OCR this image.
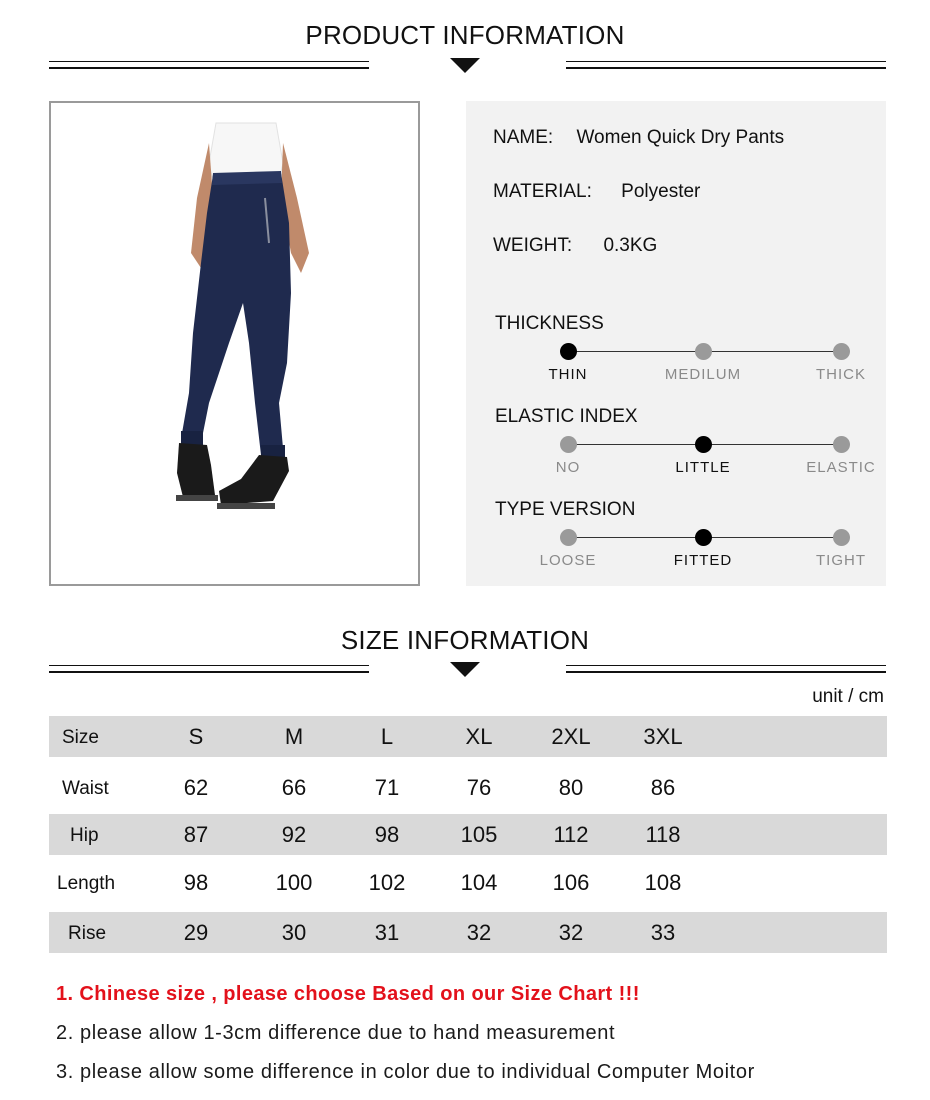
PRODUCT INFORMATION
NAME: Women Quick Dry Pants
MATERIAL: Polyester
WEIGHT: 0.3KG
THICKNESS
THIN	MEDILUM	THICK
ELASTIC INDEX
NO	LITTLE	ELASTIC
TYPE VERSION
LOOSE	FITTED	TIGHT
SIZE INFORMATION
unit / cm
Size	S	M	L	XL	2XL	3XL
Waist	62	66	71	76	80	86
Hip	87	92	98	105	112	118
Length	98	100	102	104	106	108
Rise	29	30	31	32	32	33
1. Chinese size , please choose Based on our Size Chart !!!
2. please allow 1-3cm difference due to hand measurement
3. please allow some difference in color due to individual Computer Moitor
